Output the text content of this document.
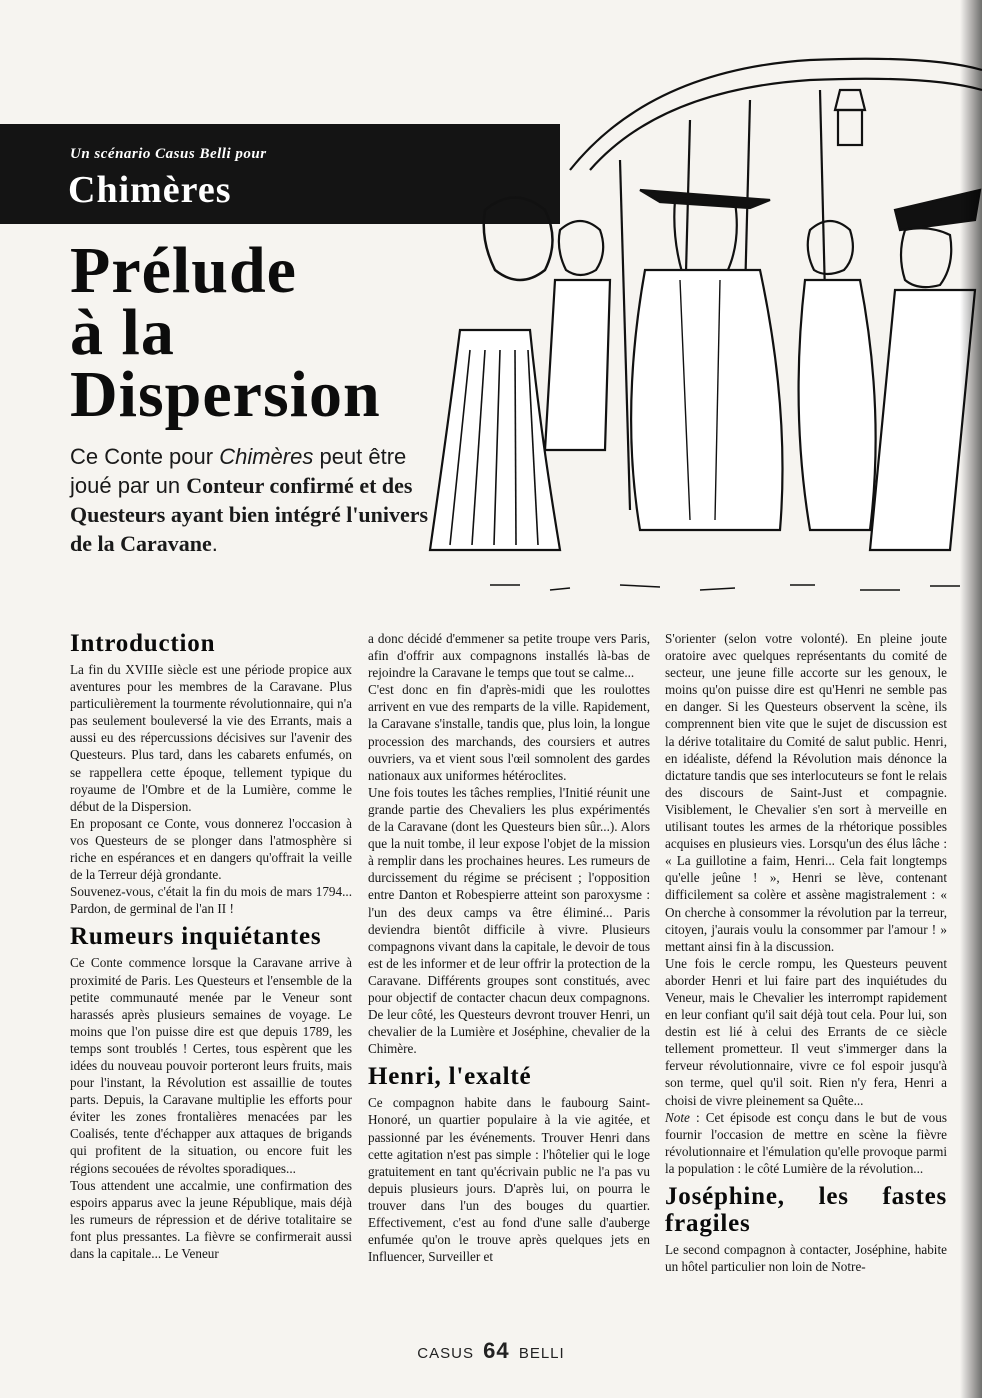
Un scénario Casus Belli pour
Chimères
Prélude
à la
Dispersion
Ce Conte pour Chimères peut être joué par un Conteur confirmé et des Questeurs ayant bien intégré l'univers de la Caravane.
Introduction

La fin du XVIIIe siècle est une période propice aux aventures pour les membres de la Caravane. Plus particulièrement la tourmente révolutionnaire, qui n'a pas seulement bouleversé la vie des Errants, mais a aussi eu des répercussions décisives sur l'avenir des Questeurs. Plus tard, dans les cabarets enfumés, on se rappellera cette époque, tellement typique du royaume de l'Ombre et de la Lumière, comme le début de la Dispersion.

En proposant ce Conte, vous donnerez l'occasion à vos Questeurs de se plonger dans l'atmosphère si riche en espérances et en dangers qu'offrait la veille de la Terreur déjà grondante.

Souvenez-vous, c'était la fin du mois de mars 1794... Pardon, de germinal de l'an II !

Rumeurs inquiétantes

Ce Conte commence lorsque la Caravane arrive à proximité de Paris. Les Questeurs et l'ensemble de la petite communauté menée par le Veneur sont harassés après plusieurs semaines de voyage. Le moins que l'on puisse dire est que depuis 1789, les temps sont troublés ! Certes, tous espèrent que les idées du nouveau pouvoir porteront leurs fruits, mais pour l'instant, la Révolution est assaillie de toutes parts. Depuis, la Caravane multiplie les efforts pour éviter les zones frontalières menacées par les Coalisés, tente d'échapper aux attaques de brigands qui profitent de la situation, ou encore fuit les régions secouées de révoltes sporadiques...

Tous attendent une accalmie, une confirmation des espoirs apparus avec la jeune République, mais déjà les rumeurs de répression et de dérive totalitaire se font plus pressantes. La fièvre se confirmerait aussi dans la capitale... Le Veneur

a donc décidé d'emmener sa petite troupe vers Paris, afin d'offrir aux compagnons installés là-bas de rejoindre la Caravane le temps que tout se calme...

C'est donc en fin d'après-midi que les roulottes arrivent en vue des remparts de la ville. Rapidement, la Caravane s'installe, tandis que, plus loin, la longue procession des marchands, des coursiers et autres ouvriers, va et vient sous l'œil somnolent des gardes nationaux aux uniformes hétéroclites.

Une fois toutes les tâches remplies, l'Initié réunit une grande partie des Chevaliers les plus expérimentés de la Caravane (dont les Questeurs bien sûr...). Alors que la nuit tombe, il leur expose l'objet de la mission à remplir dans les prochaines heures. Les rumeurs de durcissement du régime se précisent ; l'opposition entre Danton et Robespierre atteint son paroxysme : l'un des deux camps va être éliminé... Paris deviendra bientôt difficile à vivre. Plusieurs compagnons vivant dans la capitale, le devoir de tous est de les informer et de leur offrir la protection de la Caravane. Différents groupes sont constitués, avec pour objectif de contacter chacun deux compagnons. De leur côté, les Questeurs devront trouver Henri, un chevalier de la Lumière et Joséphine, chevalier de la Chimère.

Henri, l'exalté

Ce compagnon habite dans le faubourg Saint-Honoré, un quartier populaire à la vie agitée, et passionné par les événements. Trouver Henri dans cette agitation n'est pas simple : l'hôtelier qui le loge gratuitement en tant qu'écrivain public ne l'a pas vu depuis plusieurs jours. D'après lui, on pourra le trouver dans l'un des bouges du quartier. Effectivement, c'est au fond d'une salle d'auberge enfumée qu'on le trouve après quelques jets en Influencer, Surveiller et

S'orienter (selon votre volonté). En pleine joute oratoire avec quelques représentants du comité de secteur, une jeune fille accorte sur les genoux, le moins qu'on puisse dire est qu'Henri ne semble pas en danger. Si les Questeurs observent la scène, ils comprennent bien vite que le sujet de discussion est la dérive totalitaire du Comité de salut public. Henri, en idéaliste, défend la Révolution mais dénonce la dictature tandis que ses interlocuteurs se font le relais des discours de Saint-Just et compagnie. Visiblement, le Chevalier s'en sort à merveille en utilisant toutes les armes de la rhétorique possibles acquises en plusieurs vies. Lorsqu'un des élus lâche : « La guillotine a faim, Henri... Cela fait longtemps qu'elle jeûne ! », Henri se lève, contenant difficilement sa colère et assène magistralement : « On cherche à consommer la révolution par la terreur, citoyen, j'aurais voulu la consommer par l'amour ! » mettant ainsi fin à la discussion.

Une fois le cercle rompu, les Questeurs peuvent aborder Henri et lui faire part des inquiétudes du Veneur, mais le Chevalier les interrompt rapidement en leur confiant qu'il sait déjà tout cela. Pour lui, son destin est lié à celui des Errants de ce siècle tellement prometteur. Il veut s'immerger dans la ferveur révolutionnaire, vivre ce fol espoir jusqu'à son terme, quel qu'il soit. Rien n'y fera, Henri a choisi de vivre pleinement sa Quête...

Note : Cet épisode est conçu dans le but de vous fournir l'occasion de mettre en scène la fièvre révolutionnaire et l'émulation qu'elle provoque parmi la population : le côté Lumière de la révolution...

Joséphine, les fastes fragiles

Le second compagnon à contacter, Joséphine, habite un hôtel particulier non loin de Notre-

CASUS 64 BELLI
